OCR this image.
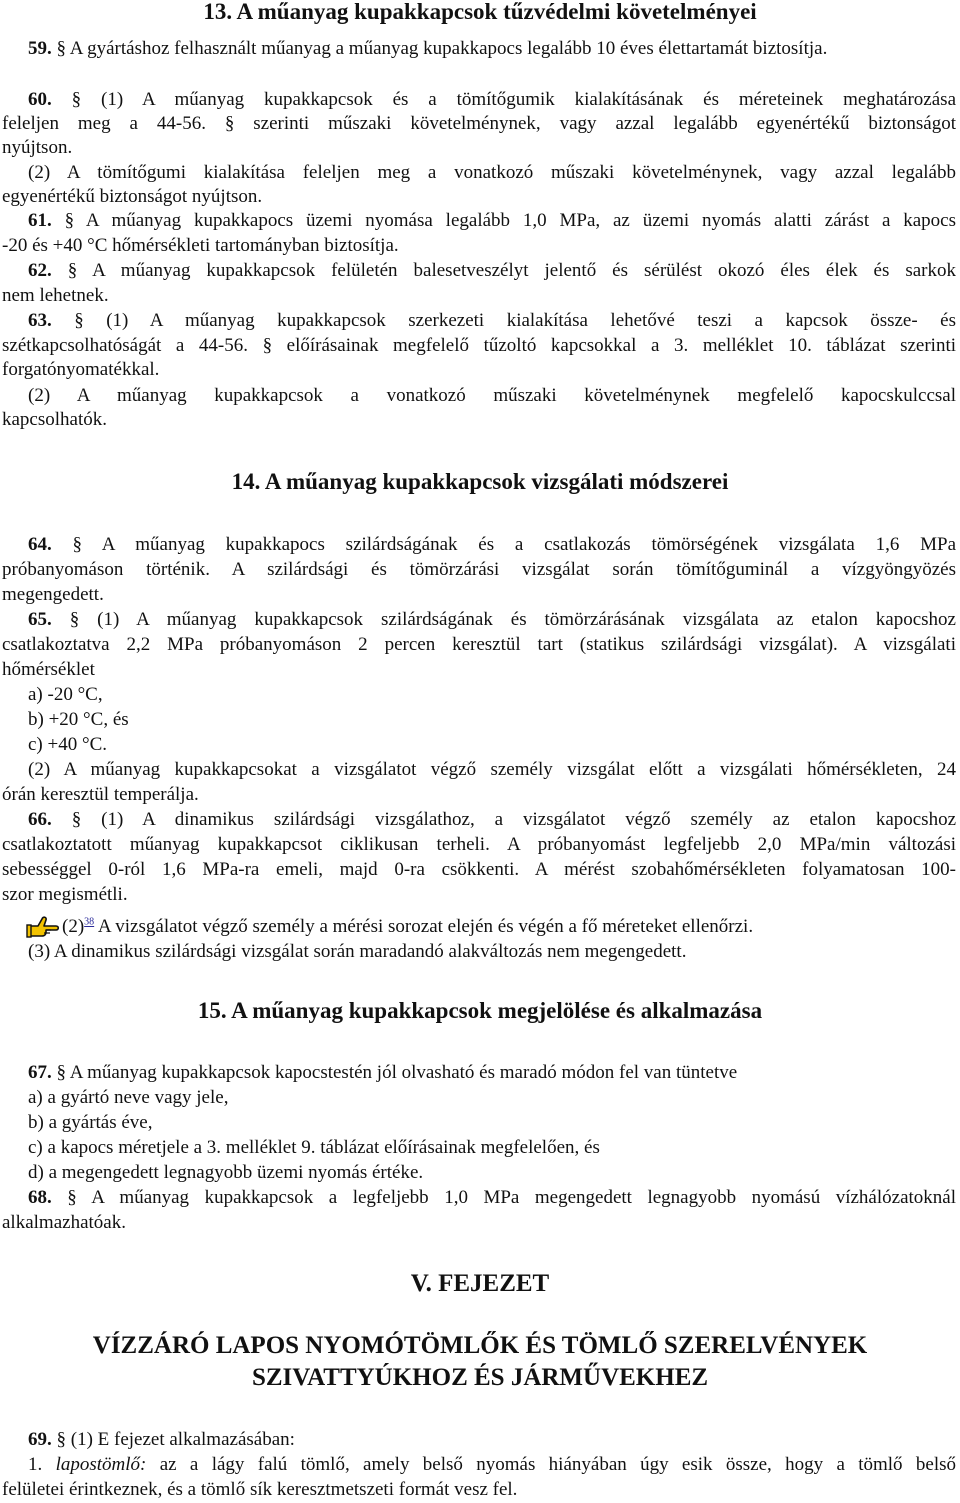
13. A műanyag kupakkapcsok tűzvédelmi követelményei
59. § A gyártáshoz felhasznált műanyag a műanyag kupakkapocs legalább 10 éves élettartamát biztosítja.
60. § (1) A műanyag kupakkapcsok és a tömítőgumik kialakításának és méreteinek meghatározása
feleljen meg a 44-56. § szerinti műszaki követelménynek, vagy azzal legalább egyenértékű biztonságot
nyújtson.
(2) A tömítőgumi kialakítása feleljen meg a vonatkozó műszaki követelménynek, vagy azzal legalább
egyenértékű biztonságot nyújtson.
61. § A műanyag kupakkapocs üzemi nyomása legalább 1,0 MPa, az üzemi nyomás alatti zárást a kapocs
-20 és +40 °C hőmérsékleti tartományban biztosítja.
62. § A műanyag kupakkapcsok felületén balesetveszélyt jelentő és sérülést okozó éles élek és sarkok
nem lehetnek.
63. § (1) A műanyag kupakkapcsok szerkezeti kialakítása lehetővé teszi a kapcsok össze- és
szétkapcsolhatóságát a 44-56. § előírásainak megfelelő tűzoltó kapcsokkal a 3. melléklet 10. táblázat szerinti
forgatónyomatékkal.
(2) A műanyag kupakkapcsok a vonatkozó műszaki követelménynek megfelelő kapocskulccsal
kapcsolhatók.
14. A műanyag kupakkapcsok vizsgálati módszerei
64. § A műanyag kupakkapocs szilárdságának és a csatlakozás tömörségének vizsgálata 1,6 MPa
próbanyomáson történik. A szilárdsági és tömörzárási vizsgálat során tömítőguminál a vízgyöngyözés
megengedett.
65. § (1) A műanyag kupakkapcsok szilárdságának és tömörzárásának vizsgálata az etalon kapocshoz
csatlakoztatva 2,2 MPa próbanyomáson 2 percen keresztül tart (statikus szilárdsági vizsgálat). A vizsgálati
hőmérséklet
a) -20 °C,
b) +20 °C, és
c) +40 °C.
(2) A műanyag kupakkapcsokat a vizsgálatot végző személy vizsgálat előtt a vizsgálati hőmérsékleten, 24
órán keresztül temperálja.
66. § (1) A dinamikus szilárdsági vizsgálathoz, a vizsgálatot végző személy az etalon kapocshoz
csatlakoztatott műanyag kupakkapcsot ciklikusan terheli. A próbanyomást legfeljebb 2,0 MPa/min változási
sebességgel 0-ról 1,6 MPa-ra emeli, majd 0-ra csökkenti. A mérést szobahőmérsékleten folyamatosan 100-
szor megismétli.
$(2)^{38}$ A vizsgálatot végző személy a mérési sorozat elején és végén a fő méreteket ellenőrzi.
(3) A dinamikus szilárdsági vizsgálat során maradandó alakváltozás nem megengedett.
15. A műanyag kupakkapcsok megjelölése és alkalmazása
67. § A műanyag kupakkapcsok kapocstestén jól olvasható és maradó módon fel van tüntetve
a) a gyártó neve vagy jele,
b) a gyártás éve,
c) a kapocs méretjele a 3. melléklet 9. táblázat előírásainak megfelelően, és
d) a megengedett legnagyobb üzemi nyomás értéke.
68. § A műanyag kupakkapcsok a legfeljebb 1,0 MPa megengedett legnagyobb nyomású vízhálózatoknál
alkalmazhatóak.
V. FEJEZET
VÍZZÁRÓ LAPOS NYOMÓTÖMLŐK ÉS TÖMLŐ SZERELVÉNYEK
SZIVATTYÚKHOZ ÉS JÁRMŰVEKHEZ
69. § (1) E fejezet alkalmazásában:
1. lapostömlő: az a lágy falú tömlő, amely belső nyomás hiányában úgy esik össze, hogy a tömlő belső
felületei érintkeznek, és a tömlő sík keresztmetszeti formát vesz fel.
